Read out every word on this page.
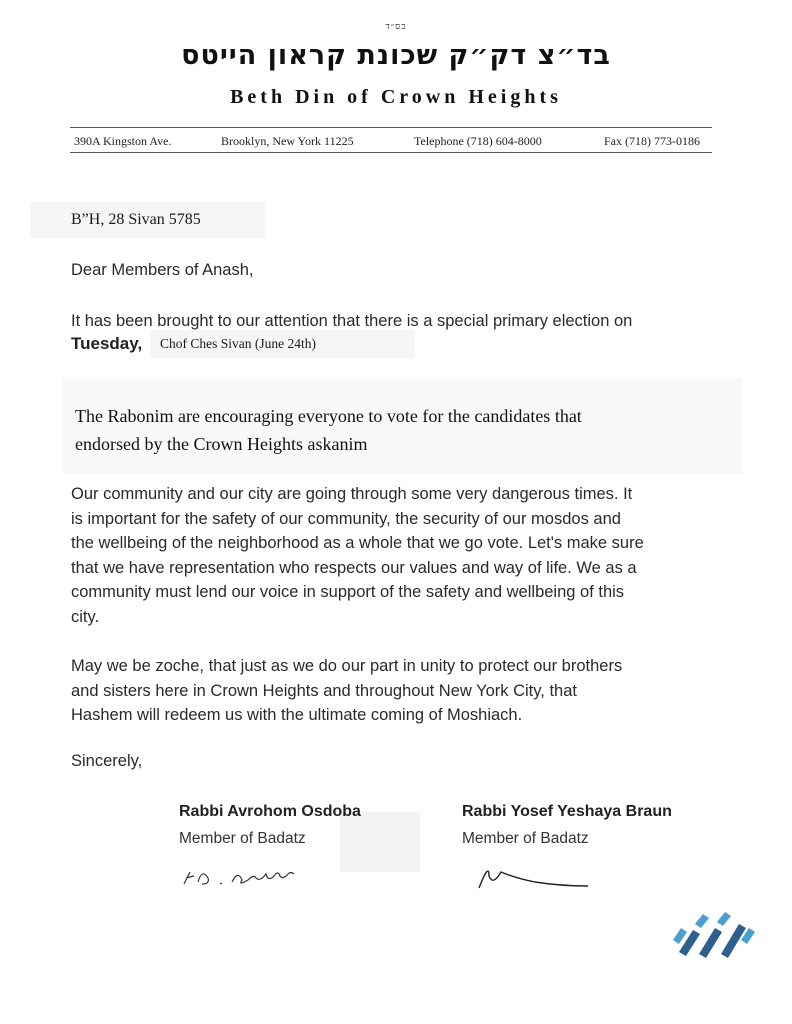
בס״ד
בד״צ דק״ק שכונת קראון הייטס
Beth Din of Crown Heights
390A Kingston Ave.	Brooklyn, New York 11225	Telephone (718) 604-8000	Fax (718) 773-0186
B”H, 28 Sivan 5785
Dear Members of Anash,
It has been brought to our attention that there is a special primary election on
Tuesday, Chof Ches Sivan (June 24th)
The Rabonim are encouraging everyone to vote for the candidates that
endorsed by the Crown Heights askanim
Our community and our city are going through some very dangerous times. It
is important for the safety of our community, the security of our mosdos and
the wellbeing of the neighborhood as a whole that we go vote. Let's make sure
that we have representation who respects our values and way of life. We as a
community must lend our voice in support of the safety and wellbeing of this
city.
May we be zoche, that just as we do our part in unity to protect our brothers
and sisters here in Crown Heights and throughout New York City, that
Hashem will redeem us with the ultimate coming of Moshiach.
Sincerely,
Rabbi Avrohom Osdoba
Member of Badatz
Rabbi Yosef Yeshaya Braun
Member of Badatz
